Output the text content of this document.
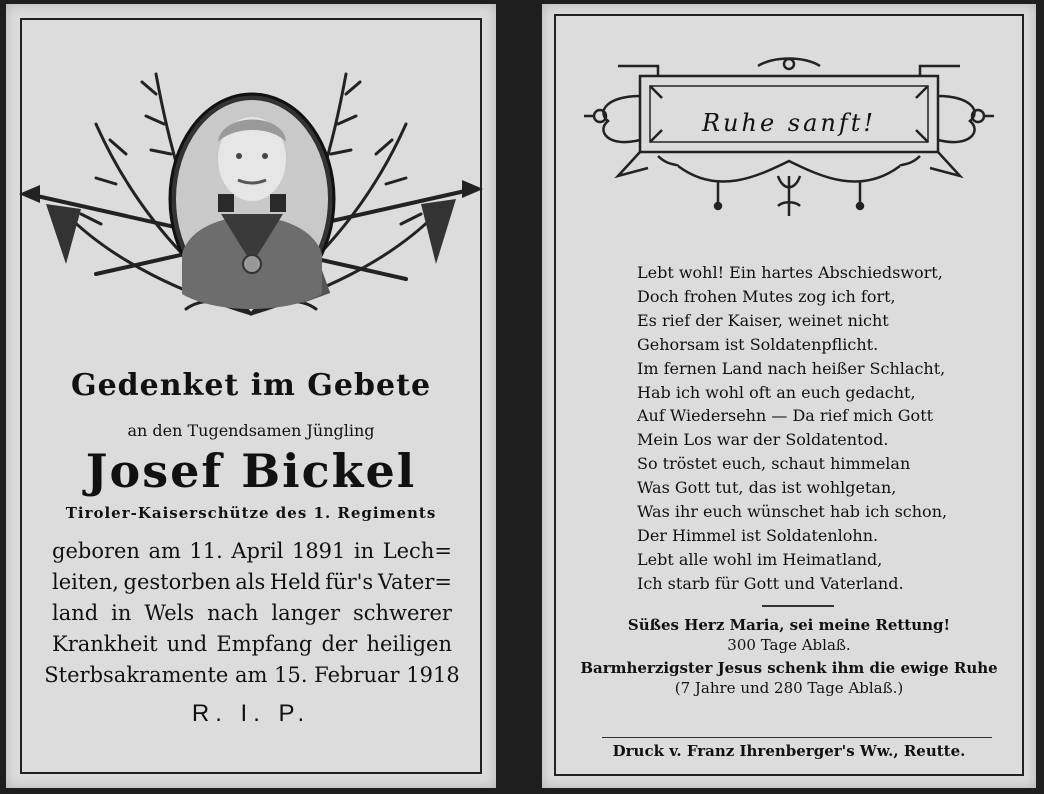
Gedenket im Gebete
an den Tugendsamen Jüngling
Josef Bickel
Tiroler-Kaiserschütze des 1. Regiments
geboren am 11. April 1891 in Lech=
leiten, gestorben als Held für's Vater=
land in Wels nach langer schwerer
Krankheit und Empfang der heiligen
Sterbsakramente am 15. Februar 1918
R. I. P.
Ruhe sanft!
Lebt wohl! Ein hartes Abschiedswort,
Doch frohen Mutes zog ich fort,
Es rief der Kaiser, weinet nicht
Gehorsam ist Soldatenpflicht.
Im fernen Land nach heißer Schlacht,
Hab ich wohl oft an euch gedacht,
Auf Wiedersehn — Da rief mich Gott
Mein Los war der Soldatentod.
So tröstet euch, schaut himmelan
Was Gott tut, das ist wohlgetan,
Was ihr euch wünschet hab ich schon,
Der Himmel ist Soldatenlohn.
Lebt alle wohl im Heimatland,
Ich starb für Gott und Vaterland.
Süßes Herz Maria, sei meine Rettung!
300 Tage Ablaß.
Barmherzigster Jesus schenk ihm die ewige Ruhe
(7 Jahre und 280 Tage Ablaß.)
Druck v. Franz Ihrenberger's Ww., Reutte.
